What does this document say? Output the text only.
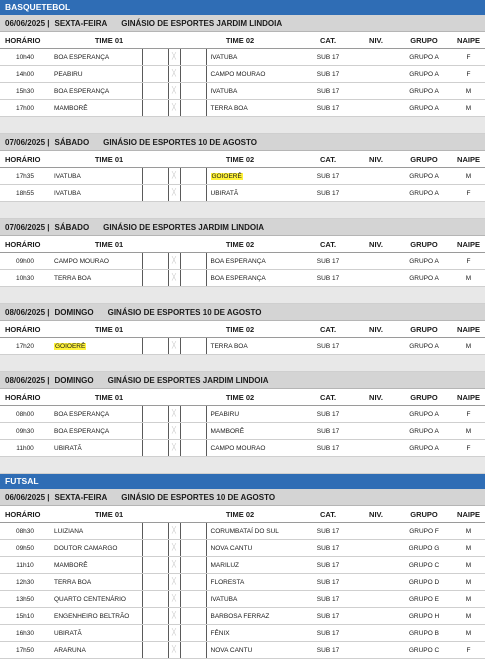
BASQUETEBOL									

06/06/2025 | SEXTA-FEIRA GINÁSIO DE ESPORTES JARDIM LINDOIA									
HORÁRIO	TIME 01			TIME 02		CAT.	NIV.	GRUPO	NAIPE
10h40	BOA ESPERANÇA		╳		IVATUBA	SUB 17		GRUPO A	F
14h00	PEABIRU		╳		CAMPO MOURAO	SUB 17		GRUPO A	F
15h30	BOA ESPERANÇA		╳		IVATUBA	SUB 17		GRUPO A	M
17h00	MAMBORÊ		╳		TERRA BOA	SUB 17		GRUPO A	M

07/06/2025 | SÁBADO GINÁSIO DE ESPORTES 10 DE AGOSTO									
HORÁRIO	TIME 01			TIME 02		CAT.	NIV.	GRUPO	NAIPE
17h35	IVATUBA		╳		GOIOERÊ	SUB 17		GRUPO A	M
18h55	IVATUBA		╳		UBIRATÃ	SUB 17		GRUPO A	F

07/06/2025 | SÁBADO GINÁSIO DE ESPORTES JARDIM LINDOIA									
HORÁRIO	TIME 01			TIME 02		CAT.	NIV.	GRUPO	NAIPE
09h00	CAMPO MOURAO		╳		BOA ESPERANÇA	SUB 17		GRUPO A	F
10h30	TERRA BOA		╳		BOA ESPERANÇA	SUB 17		GRUPO A	M

08/06/2025 | DOMINGO GINÁSIO DE ESPORTES 10 DE AGOSTO									
HORÁRIO	TIME 01			TIME 02		CAT.	NIV.	GRUPO	NAIPE
17h20	GOIOERÊ		╳		TERRA BOA	SUB 17		GRUPO A	M

08/06/2025 | DOMINGO GINÁSIO DE ESPORTES JARDIM LINDOIA									
HORÁRIO	TIME 01			TIME 02		CAT.	NIV.	GRUPO	NAIPE
08h00	BOA ESPERANÇA		╳		PEABIRU	SUB 17		GRUPO A	F
09h30	BOA ESPERANÇA		╳		MAMBORÊ	SUB 17		GRUPO A	M
11h00	UBIRATÃ		╳		CAMPO MOURAO	SUB 17		GRUPO A	F

FUTSAL									

06/06/2025 | SEXTA-FEIRA GINÁSIO DE ESPORTES 10 DE AGOSTO									
HORÁRIO	TIME 01			TIME 02		CAT.	NIV.	GRUPO	NAIPE
08h30	LUIZIANA		╳		CORUMBATAÍ DO SUL	SUB 17		GRUPO F	M
09h50	DOUTOR CAMARGO		╳		NOVA CANTU	SUB 17		GRUPO G	M
11h10	MAMBORÊ		╳		MARILUZ	SUB 17		GRUPO C	M
12h30	TERRA BOA		╳		FLORESTA	SUB 17		GRUPO D	M
13h50	QUARTO CENTENÁRIO		╳		IVATUBA	SUB 17		GRUPO E	M
15h10	ENGENHEIRO BELTRÃO		╳		BARBOSA FERRAZ	SUB 17		GRUPO H	M
16h30	UBIRATÃ		╳		FÊNIX	SUB 17		GRUPO B	M
17h50	ARARUNA		╳		NOVA CANTU	SUB 17		GRUPO C	F
